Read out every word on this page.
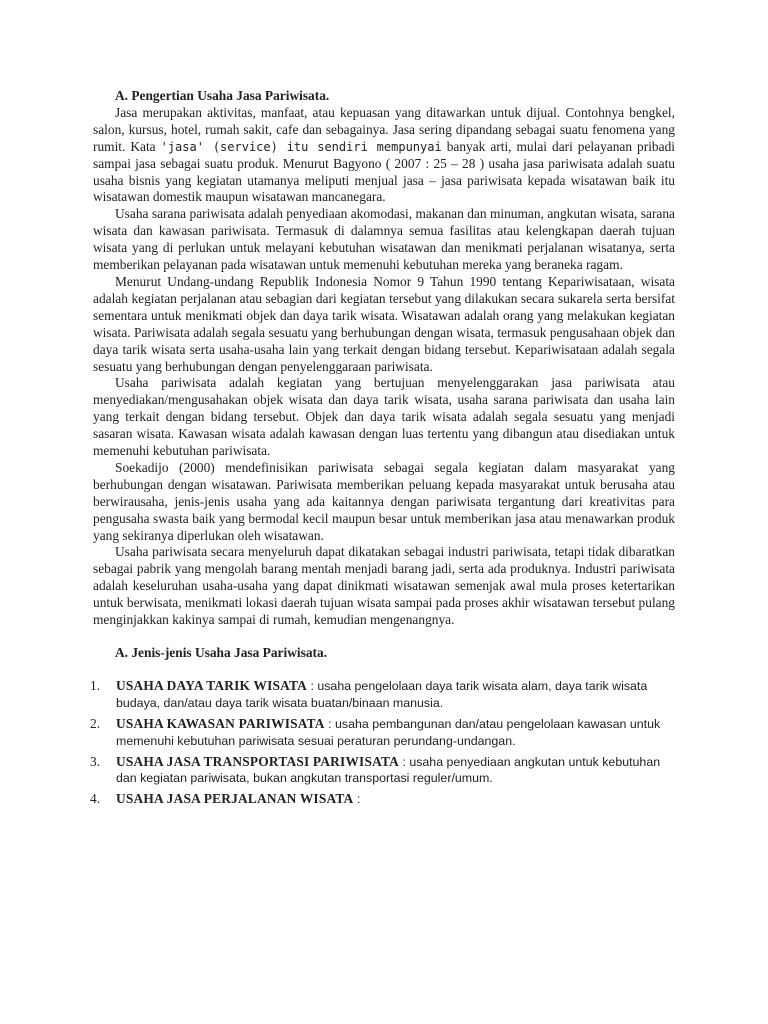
A. Pengertian Usaha Jasa Pariwisata.

Jasa merupakan aktivitas, manfaat, atau kepuasan yang ditawarkan untuk dijual. Contohnya bengkel, salon, kursus, hotel, rumah sakit, cafe dan sebagainya. Jasa sering dipandang sebagai suatu fenomena yang rumit. Kata 'jasa' (service) itu sendiri mempunyai banyak arti, mulai dari pelayanan pribadi sampai jasa sebagai suatu produk. Menurut Bagyono ( 2007 : 25 – 28 ) usaha jasa pariwisata adalah suatu usaha bisnis yang kegiatan utamanya meliputi menjual jasa – jasa pariwisata kepada wisatawan baik itu wisatawan domestik maupun wisatawan mancanegara.

Usaha sarana pariwisata adalah penyediaan akomodasi, makanan dan minuman, angkutan wisata, sarana wisata dan kawasan pariwisata. Termasuk di dalamnya semua fasilitas atau kelengkapan daerah tujuan wisata yang di perlukan untuk melayani kebutuhan wisatawan dan menikmati perjalanan wisatanya, serta memberikan pelayanan pada wisatawan untuk memenuhi kebutuhan mereka yang beraneka ragam.

Menurut Undang-undang Republik Indonesia Nomor 9 Tahun 1990 tentang Kepariwisataan, wisata adalah kegiatan perjalanan atau sebagian dari kegiatan tersebut yang dilakukan secara sukarela serta bersifat sementara untuk menikmati objek dan daya tarik wisata. Wisatawan adalah orang yang melakukan kegiatan wisata. Pariwisata adalah segala sesuatu yang berhubungan dengan wisata, termasuk pengusahaan objek dan daya tarik wisata serta usaha-usaha lain yang terkait dengan bidang tersebut. Kepariwisataan adalah segala sesuatu yang berhubungan dengan penyelenggaraan pariwisata.

Usaha pariwisata adalah kegiatan yang bertujuan menyelenggarakan jasa pariwisata atau menyediakan/mengusahakan objek wisata dan daya tarik wisata, usaha sarana pariwisata dan usaha lain yang terkait dengan bidang tersebut. Objek dan daya tarik wisata adalah segala sesuatu yang menjadi sasaran wisata. Kawasan wisata adalah kawasan dengan luas tertentu yang dibangun atau disediakan untuk memenuhi kebutuhan pariwisata.

Soekadijo (2000) mendefinisikan pariwisata sebagai segala kegiatan dalam masyarakat yang berhubungan dengan wisatawan. Pariwisata memberikan peluang kepada masyarakat untuk berusaha atau berwirausaha, jenis-jenis usaha yang ada kaitannya dengan pariwisata tergantung dari kreativitas para pengusaha swasta baik yang bermodal kecil maupun besar untuk memberikan jasa atau menawarkan produk yang sekiranya diperlukan oleh wisatawan.

Usaha pariwisata secara menyeluruh dapat dikatakan sebagai industri pariwisata, tetapi tidak dibaratkan sebagai pabrik yang mengolah barang mentah menjadi barang jadi, serta ada produknya. Industri pariwisata adalah keseluruhan usaha-usaha yang dapat dinikmati wisatawan semenjak awal mula proses ketertarikan untuk berwisata, menikmati lokasi daerah tujuan wisata sampai pada proses akhir wisatawan tersebut pulang menginjakkan kakinya sampai di rumah, kemudian mengenangnya.

A. Jenis-jenis Usaha Jasa Pariwisata.
1. USAHA DAYA TARIK WISATA : usaha pengelolaan daya tarik wisata alam, daya tarik wisata budaya, dan/atau daya tarik wisata buatan/binaan manusia.
2. USAHA KAWASAN PARIWISATA : usaha pembangunan dan/atau pengelolaan kawasan untuk memenuhi kebutuhan pariwisata sesuai peraturan perundang-undangan.
3. USAHA JASA TRANSPORTASI PARIWISATA : usaha penyediaan angkutan untuk kebutuhan dan kegiatan pariwisata, bukan angkutan transportasi reguler/umum.
4. USAHA JASA PERJALANAN WISATA :
